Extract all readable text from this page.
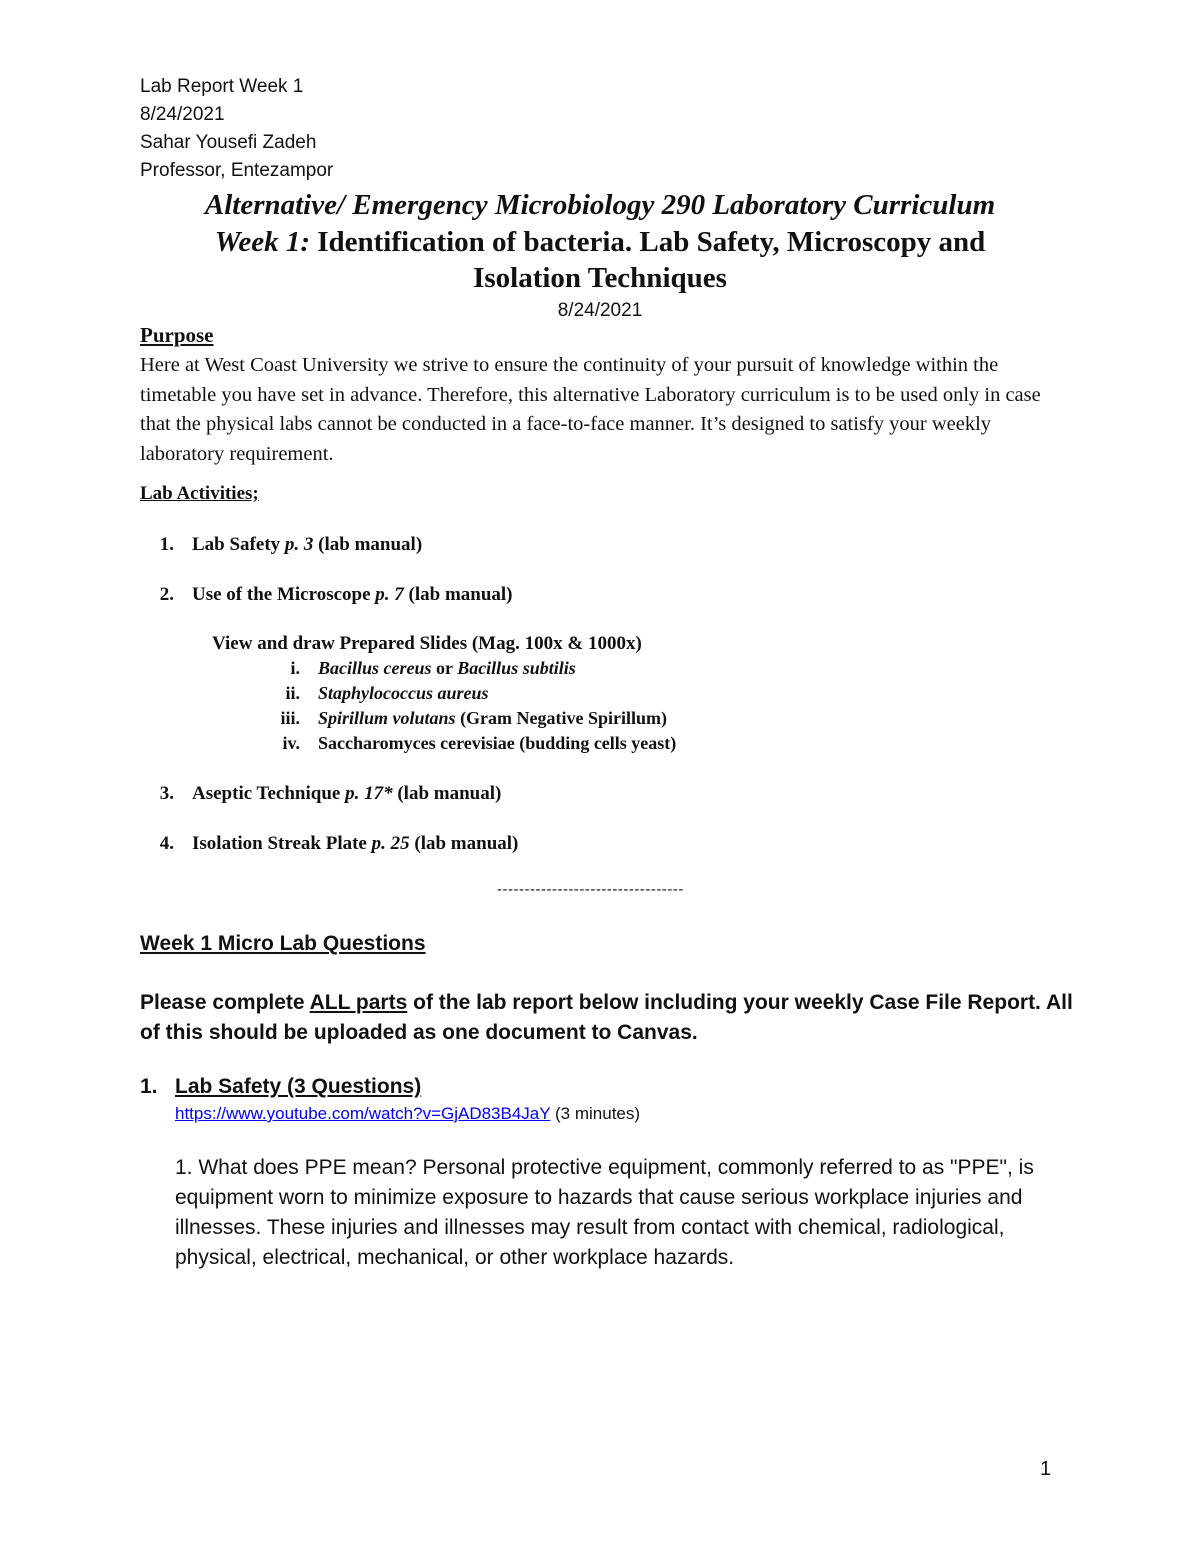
Lab Report Week 1
8/24/2021
Sahar Yousefi Zadeh
Professor, Entezampor
Alternative/ Emergency Microbiology 290 Laboratory Curriculum
Week 1: Identification of bacteria. Lab Safety, Microscopy and
Isolation Techniques
8/24/2021
Purpose
Here at West Coast University we strive to ensure the continuity of your pursuit of knowledge within the timetable you have set in advance. Therefore, this alternative Laboratory curriculum is to be used only in case that the physical labs cannot be conducted in a face-to-face manner. It’s designed to satisfy your weekly laboratory requirement.
Lab Activities;
1. Lab Safety p. 3 (lab manual)
2. Use of the Microscope p. 7 (lab manual)
View and draw Prepared Slides (Mag. 100x & 1000x)
i. Bacillus cereus or Bacillus subtilis
ii. Staphylococcus aureus
iii. Spirillum volutans (Gram Negative Spirillum)
iv. Saccharomyces cerevisiae (budding cells yeast)
3. Aseptic Technique p. 17* (lab manual)
4. Isolation Streak Plate p. 25 (lab manual)
----------------------------------
Week 1 Micro Lab Questions
Please complete ALL parts of the lab report below including your weekly Case File Report. All of this should be uploaded as one document to Canvas.
1. Lab Safety (3 Questions)
https://www.youtube.com/watch?v=GjAD83B4JaY (3 minutes)
1. What does PPE mean? Personal protective equipment, commonly referred to as "PPE", is equipment worn to minimize exposure to hazards that cause serious workplace injuries and illnesses. These injuries and illnesses may result from contact with chemical, radiological, physical, electrical, mechanical, or other workplace hazards.
1
